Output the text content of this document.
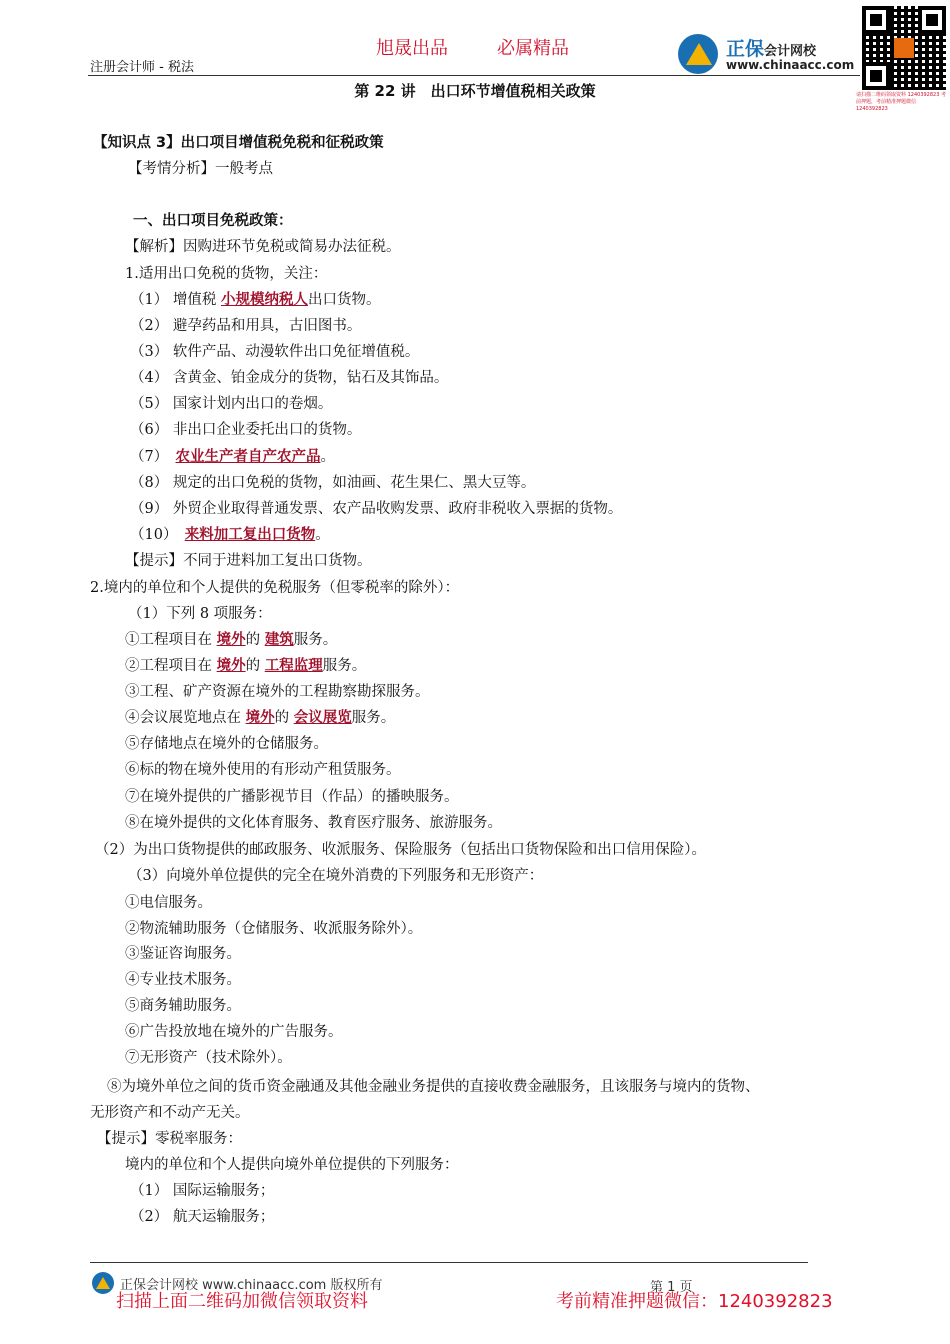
注册会计师 - 税法
旭晟出品	必属精品	正保会计网校
www.chinaacc.com
请扫描二维码领取资料 1240392823 考前押题，考前精准押题微信 1240392823
第 22 讲　出口环节增值税相关政策
【知识点 3】出口项目增值税免税和征税政策
【考情分析】一般考点
一、出口项目免税政策：
【解析】因购进环节免税或简易办法征税。
1.适用出口免税的货物，关注：
（1） 增值税 小规模纳税人出口货物。
（2） 避孕药品和用具，古旧图书。
（3） 软件产品、动漫软件出口免征增值税。
（4） 含黄金、铂金成分的货物，钻石及其饰品。
（5） 国家计划内出口的卷烟。
（6） 非出口企业委托出口的货物。
（7）　农业生产者自产农产品。
（8） 规定的出口免税的货物，如油画、花生果仁、黑大豆等。
（9） 外贸企业取得普通发票、农产品收购发票、政府非税收入票据的货物。
（10）　来料加工复出口货物。
【提示】不同于进料加工复出口货物。
2.境内的单位和个人提供的免税服务（但零税率的除外）：
（1）下列 8 项服务：
①工程项目在 境外的 建筑服务。
②工程项目在 境外的 工程监理服务。
③工程、矿产资源在境外的工程勘察勘探服务。
④会议展览地点在 境外的 会议展览服务。
⑤存储地点在境外的仓储服务。
⑥标的物在境外使用的有形动产租赁服务。
⑦在境外提供的广播影视节目（作品）的播映服务。
⑧在境外提供的文化体育服务、教育医疗服务、旅游服务。
（2）为出口货物提供的邮政服务、收派服务、保险服务（包括出口货物保险和出口信用保险）。
（3）向境外单位提供的完全在境外消费的下列服务和无形资产：
①电信服务。
②物流辅助服务（仓储服务、收派服务除外）。
③鉴证咨询服务。
④专业技术服务。
⑤商务辅助服务。
⑥广告投放地在境外的广告服务。
⑦无形资产（技术除外）。
⑧为境外单位之间的货币资金融通及其他金融业务提供的直接收费金融服务，且该服务与境内的货物、
无形资产和不动产无关。
【提示】零税率服务：
境内的单位和个人提供向境外单位提供的下列服务：
（1） 国际运输服务；
（2） 航天运输服务；
正保会计网校 www.chinaacc.com 版权所有	第 1 页
扫描上面二维码加微信领取资料	考前精准押题微信：1240392823
